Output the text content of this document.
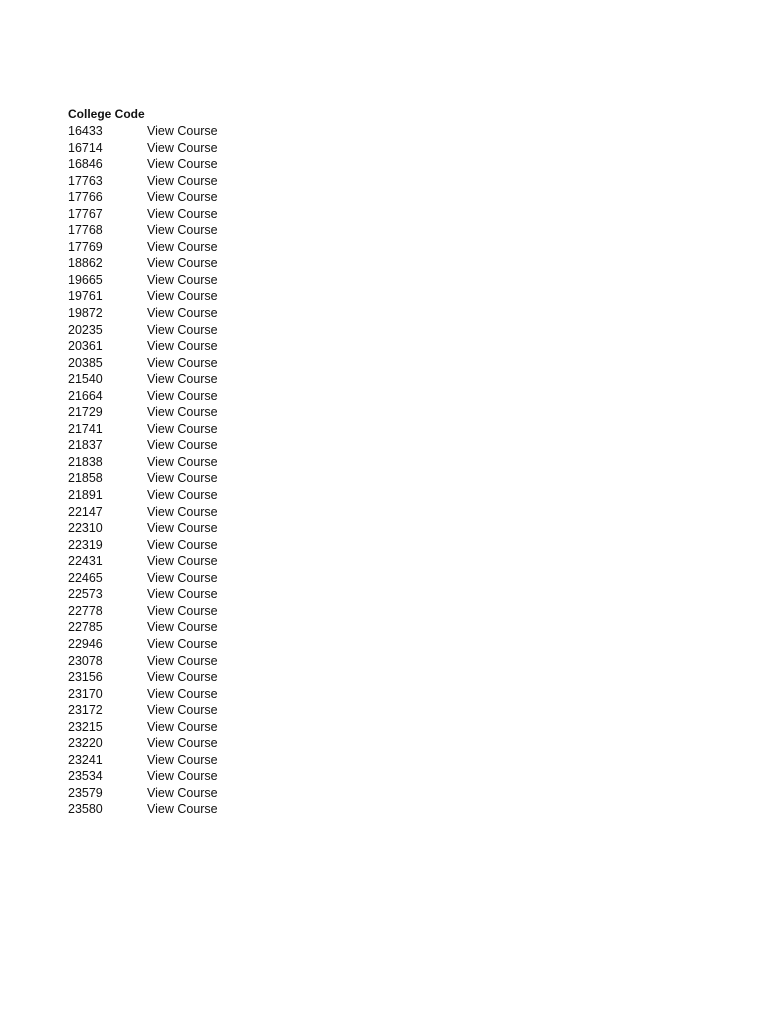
College Code
16433	View Course
16714	View Course
16846	View Course
17763	View Course
17766	View Course
17767	View Course
17768	View Course
17769	View Course
18862	View Course
19665	View Course
19761	View Course
19872	View Course
20235	View Course
20361	View Course
20385	View Course
21540	View Course
21664	View Course
21729	View Course
21741	View Course
21837	View Course
21838	View Course
21858	View Course
21891	View Course
22147	View Course
22310	View Course
22319	View Course
22431	View Course
22465	View Course
22573	View Course
22778	View Course
22785	View Course
22946	View Course
23078	View Course
23156	View Course
23170	View Course
23172	View Course
23215	View Course
23220	View Course
23241	View Course
23534	View Course
23579	View Course
23580	View Course
